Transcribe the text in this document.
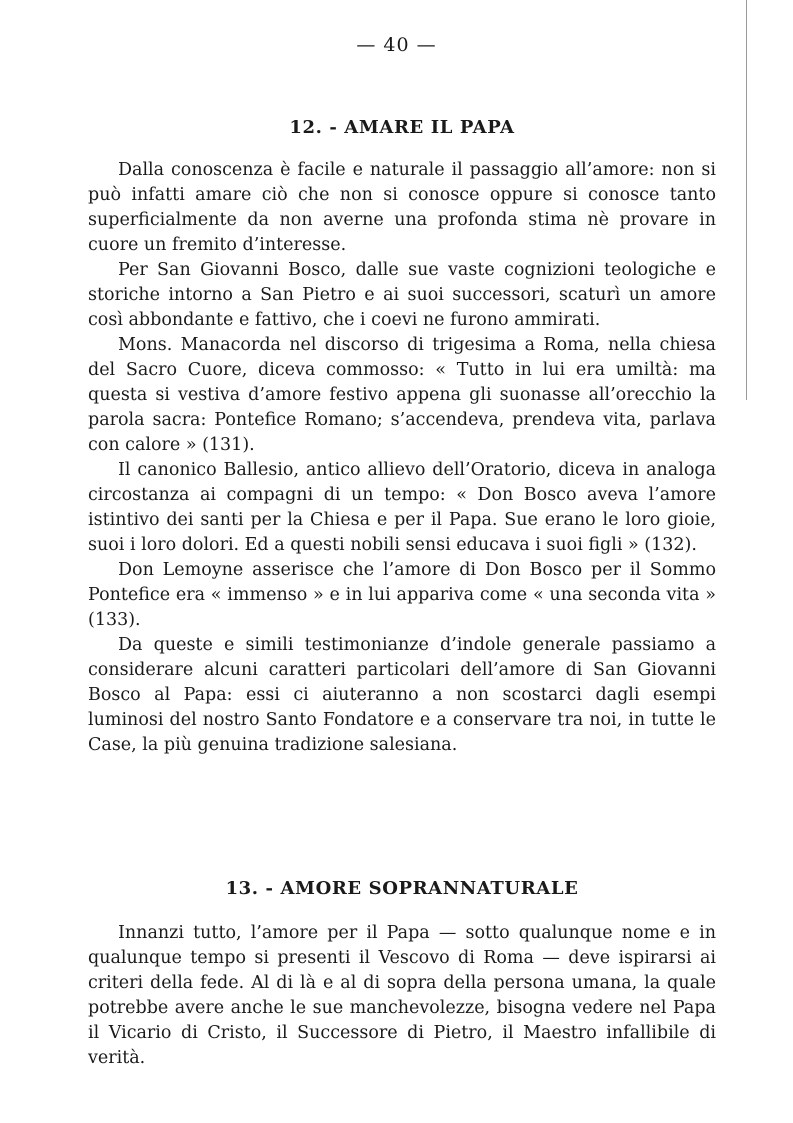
— 40 —
12. - AMARE IL PAPA

Dalla conoscenza è facile e naturale il passaggio all’amore: non si può infatti amare ciò che non si conosce oppure si conosce tanto superficialmente da non averne una profonda stima nè provare in cuore un fremito d’interesse.

Per San Giovanni Bosco, dalle sue vaste cognizioni teologiche e storiche intorno a San Pietro e ai suoi successori, scaturì un amore così abbondante e fattivo, che i coevi ne furono ammirati.

Mons. Manacorda nel discorso di trigesima a Roma, nella chiesa del Sacro Cuore, diceva commosso: « Tutto in lui era umiltà: ma questa si vestiva d’amore festivo appena gli suonasse all’orecchio la parola sacra: Pontefice Romano; s’accendeva, prendeva vita, parlava con calore » (131).

Il canonico Ballesio, antico allievo dell’Oratorio, diceva in analoga circostanza ai compagni di un tempo: « Don Bosco aveva l’amore istintivo dei santi per la Chiesa e per il Papa. Sue erano le loro gioie, suoi i loro dolori. Ed a questi nobili sensi educava i suoi figli » (132).

Don Lemoyne asserisce che l’amore di Don Bosco per il Sommo Pontefice era « immenso » e in lui appariva come « una seconda vita » (133).

Da queste e simili testimonianze d’indole generale passiamo a considerare alcuni caratteri particolari dell’amore di San Giovanni Bosco al Papa: essi ci aiuteranno a non scostarci dagli esempi luminosi del nostro Santo Fondatore e a conservare tra noi, in tutte le Case, la più genuina tradizione salesiana.

13. - AMORE SOPRANNATURALE

Innanzi tutto, l’amore per il Papa — sotto qualunque nome e in qualunque tempo si presenti il Vescovo di Roma — deve ispirarsi ai criteri della fede. Al di là e al di sopra della persona umana, la quale potrebbe avere anche le sue manchevolezze, bisogna vedere nel Papa il Vicario di Cristo, il Successore di Pietro, il Maestro infallibile di verità.
